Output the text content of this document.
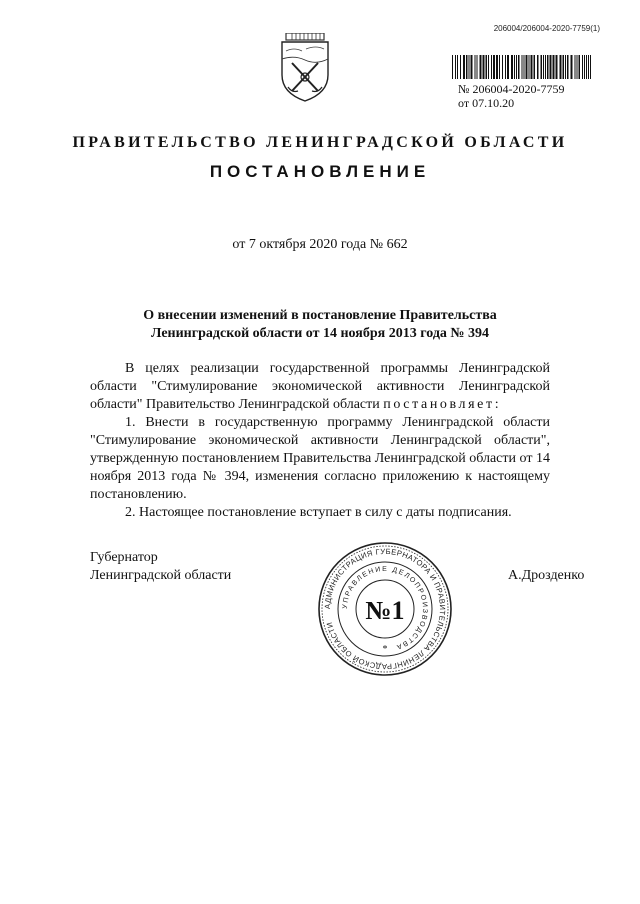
206004/206004-2020-7759(1)
№ 206004-2020-7759
от 07.10.20
ПРАВИТЕЛЬСТВО ЛЕНИНГРАДСКОЙ ОБЛАСТИ
ПОСТАНОВЛЕНИЕ
от 7 октября 2020 года № 662
О внесении изменений в постановление Правительства
Ленинградской области от 14 ноября 2013 года № 394

В целях реализации государственной программы Ленинградской области "Стимулирование экономической активности Ленинградской области" Правительство Ленинградской области постановляет:

1. Внести в государственную программу Ленинградской области "Стимулирование экономической активности Ленинградской области", утвержденную постановлением Правительства Ленинградской области от 14 ноября 2013 года № 394, изменения согласно приложению к настоящему постановлению.

2. Настоящее постановление вступает в силу с даты подписания.

Губернатор
Ленинградской области	А.Дрозденко
АДМИНИСТРАЦИЯ ГУБЕРНАТОРА И ПРАВИТЕЛЬСТВА ЛЕНИНГРАДСКОЙ ОБЛАСТИ
УПРАВЛЕНИЕ ДЕЛОПРОИЗВОДСТВА
№1
*
